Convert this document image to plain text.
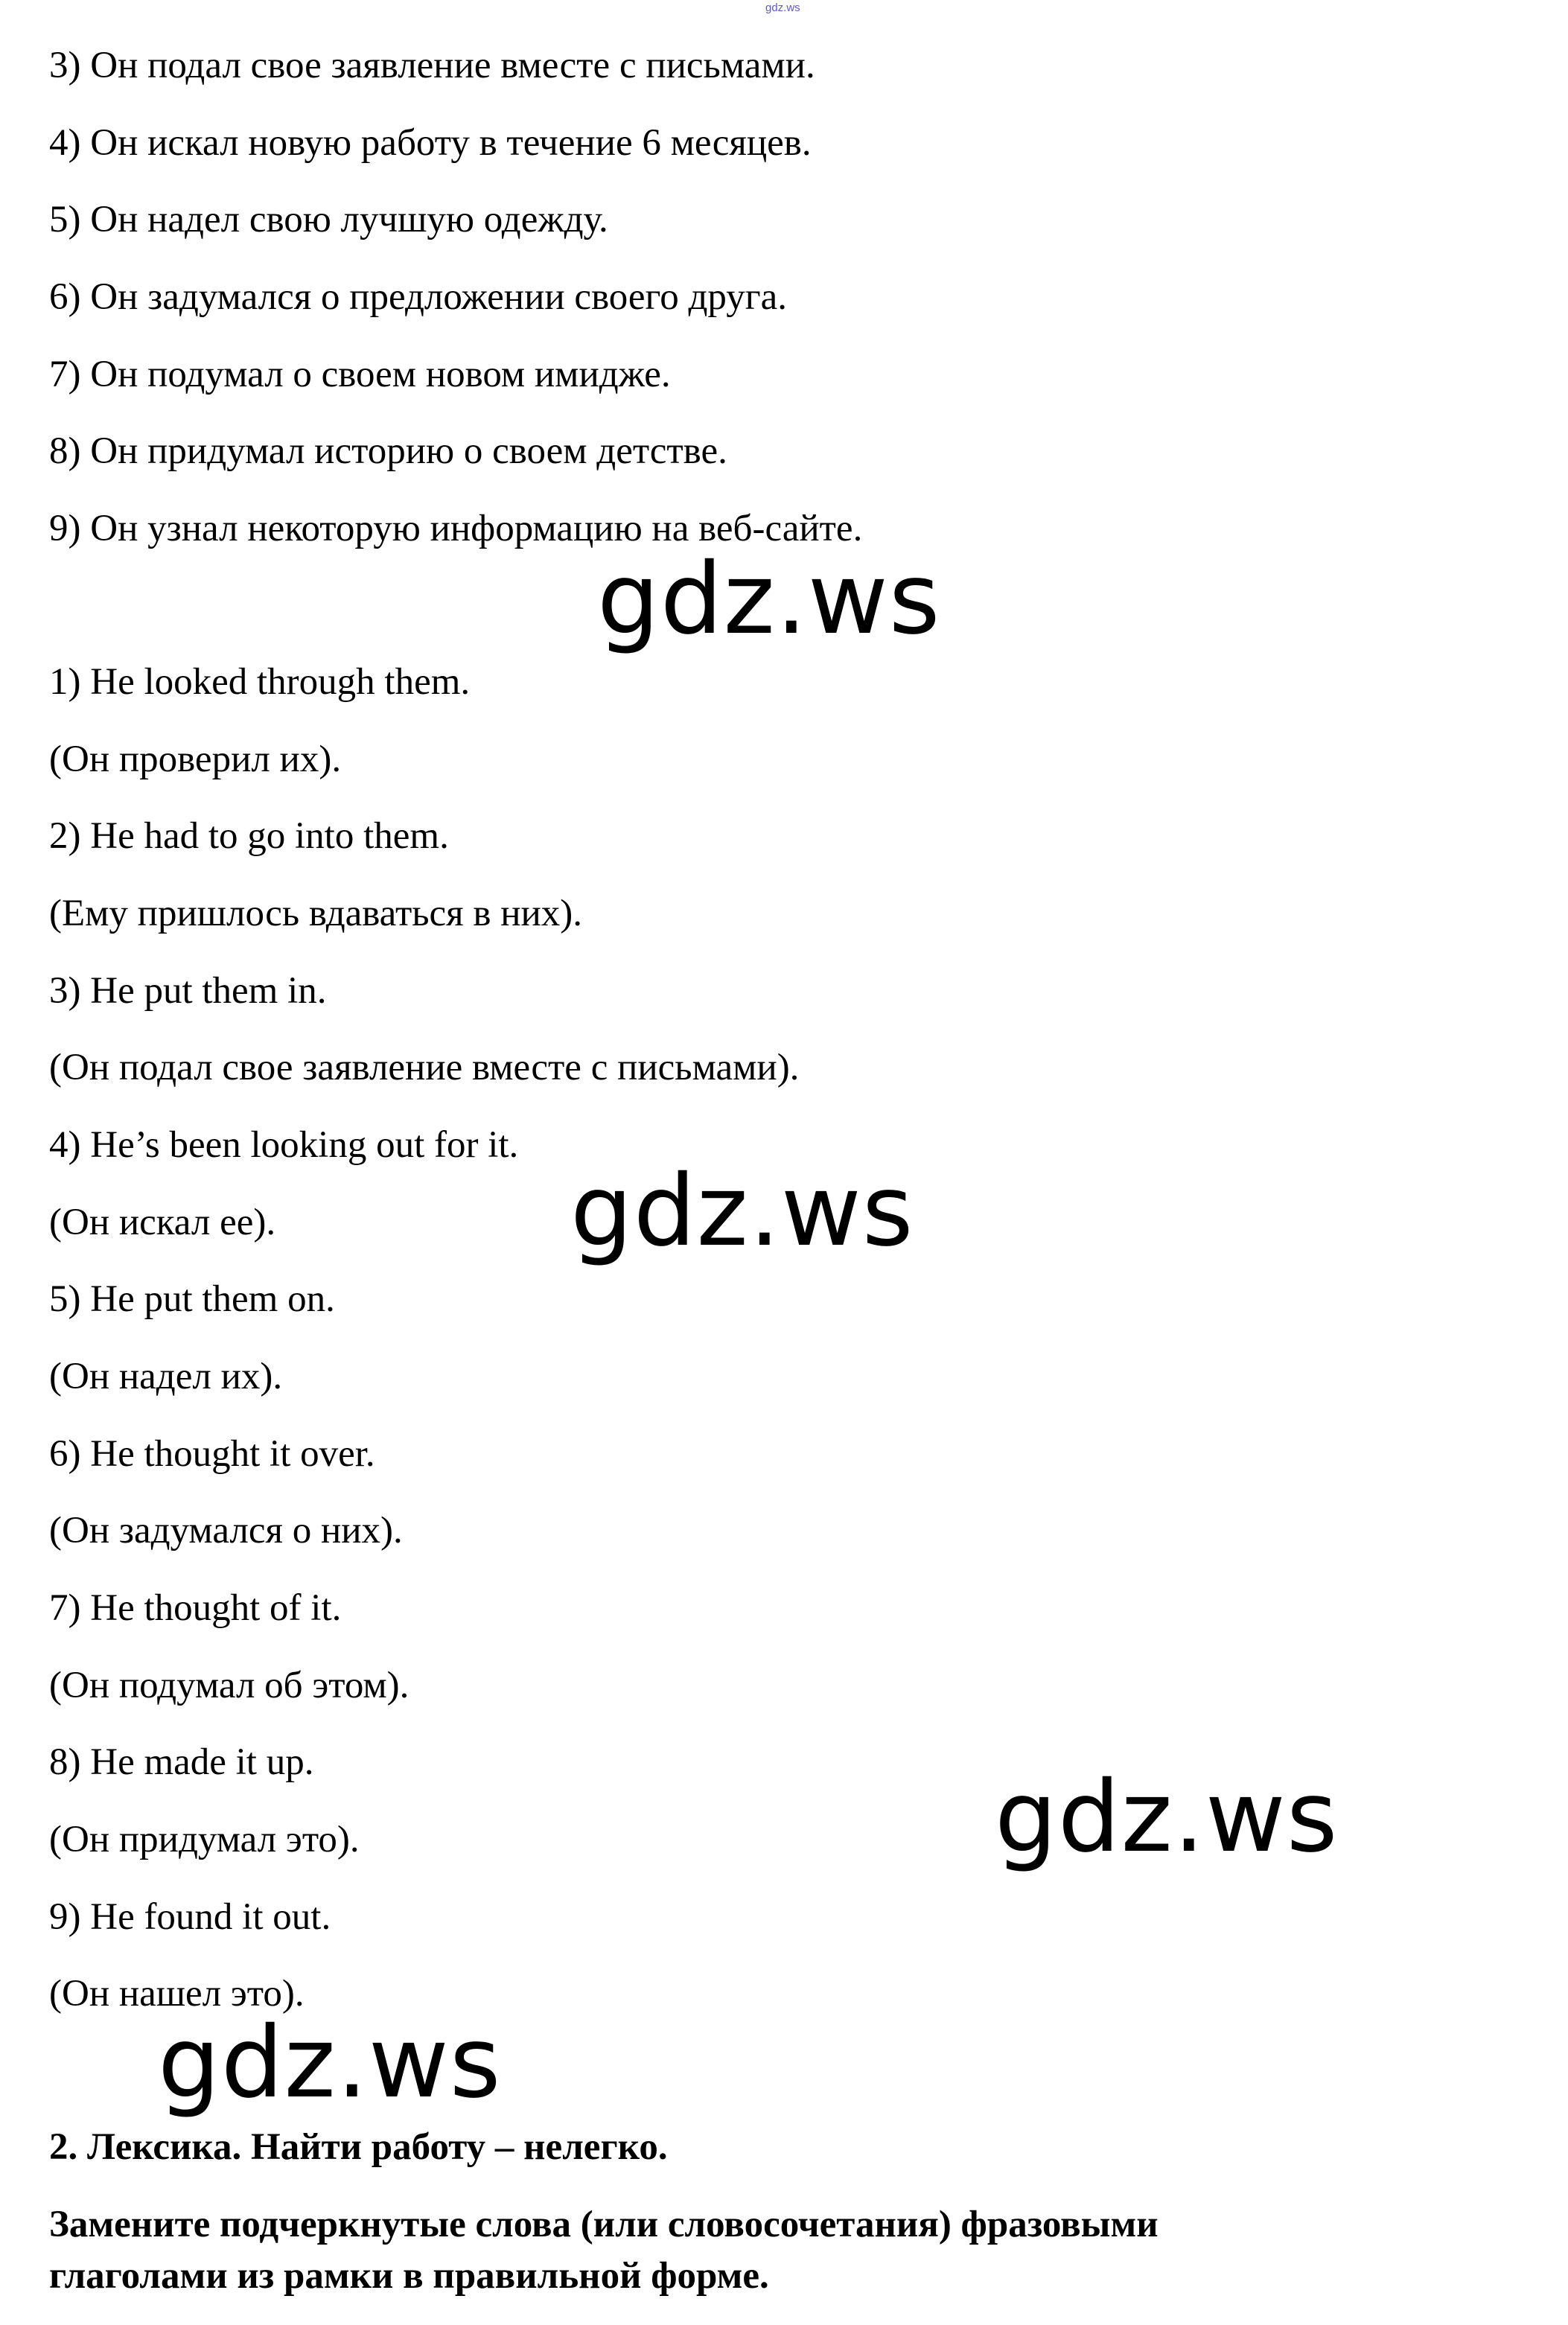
gdz.ws
3) Он подал свое заявление вместе с письмами.
4) Он искал новую работу в течение 6 месяцев.
5) Он надел свою лучшую одежду.
6) Он задумался о предложении своего друга.
7) Он подумал о своем новом имидже.
8) Он придумал историю о своем детстве.
9) Он узнал некоторую информацию на веб-сайте.
gdz.ws
1) He looked through them.
(Он проверил их).
2) He had to go into them.
(Ему пришлось вдаваться в них).
3) He put them in.
(Он подал свое заявление вместе с письмами).
4) He’s been looking out for it.
(Он искал ее).	gdz.ws
5) He put them on.
(Он надел их).
6) He thought it over.
(Он задумался о них).
7) He thought of it.
(Он подумал об этом).
8) He made it up.
(Он придумал это).	gdz.ws
9) He found it out.
(Он нашел это).
gdz.ws
2. Лексика. Найти работу – нелегко.
Замените подчеркнутые слова (или словосочетания) фразовыми
глаголами из рамки в правильной форме.
